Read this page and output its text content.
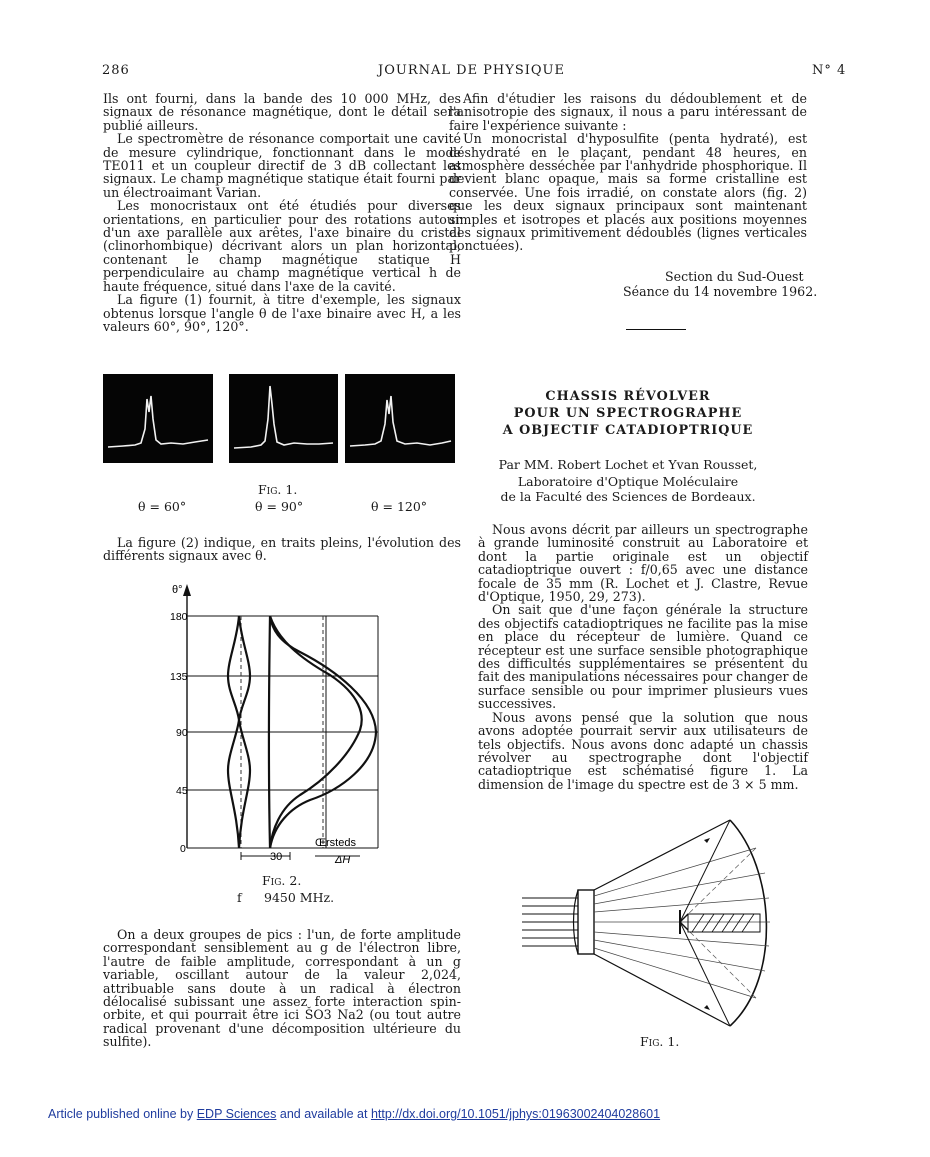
286	JOURNAL DE PHYSIQUE	N° 4

Ils ont fourni, dans la bande des 10 000 MHz, des signaux de résonance magnétique, dont le détail sera publié ailleurs.

Le spectromètre de résonance comportait une cavité de mesure cylindrique, fonctionnant dans le mode TE011 et un coupleur directif de 3 dB collectant les signaux. Le champ magnétique statique était fourni par un électroaimant Varian.

Les monocristaux ont été étudiés pour diverses orientations, en particulier pour des rotations autour d'un axe parallèle aux arêtes, l'axe binaire du cristal (clinorhombique) décrivant alors un plan horizontal, contenant le champ magnétique statique H perpendiculaire au champ magnétique vertical h de haute fréquence, situé dans l'axe de la cavité.

La figure (1) fournit, à titre d'exemple, les signaux obtenus lorsque l'angle θ de l'axe binaire avec H, a les valeurs 60°, 90°, 120°.

Fig. 1.
θ = 60°	θ = 90°	θ = 120°

La figure (2) indique, en traits pleins, l'évolution des différents signaux avec θ.

θ°
180
135
90
45
0
30
Œrsteds
ΔH
Fig. 2.
f 9450 MHz.

On a deux groupes de pics : l'un, de forte amplitude correspondant sensiblement au g de l'électron libre, l'autre de faible amplitude, correspondant à un g variable, oscillant autour de la valeur 2,024, attribuable sans doute à un radical à électron délocalisé subissant une assez forte interaction spin-orbite, et qui pourrait être ici ŠO3 Na2 (ou tout autre radical provenant d'une décomposition ultérieure du sulfite).

Afin d'étudier les raisons du dédoublement et de l'anisotropie des signaux, il nous a paru intéressant de faire l'expérience suivante :

Un monocristal d'hyposulfite (penta hydraté), est déshydraté en le plaçant, pendant 48 heures, en atmosphère desséchée par l'anhydride phosphorique. Il devient blanc opaque, mais sa forme cristalline est conservée. Une fois irradié, on constate alors (fig. 2) que les deux signaux principaux sont maintenant simples et isotropes et placés aux positions moyennes des signaux primitivement dédoublés (lignes verticales ponctuées).

Section du Sud-Ouest
Séance du 14 novembre 1962.
CHASSIS RÉVOLVER
POUR UN SPECTROGRAPHE
A OBJECTIF CATADIOPTRIQUE
Par MM. Robert Lochet et Yvan Rousset,
Laboratoire d'Optique Moléculaire
de la Faculté des Sciences de Bordeaux.

Nous avons décrit par ailleurs un spectrographe à grande luminosité construit au Laboratoire et dont la partie originale est un objectif catadioptrique ouvert : f/0,65 avec une distance focale de 35 mm (R. Lochet et J. Clastre, Revue d'Optique, 1950, 29, 273).

On sait que d'une façon générale la structure des objectifs catadioptriques ne facilite pas la mise en place du récepteur de lumière. Quand ce récepteur est une surface sensible photographique des difficultés supplémentaires se présentent du fait des manipulations nécessaires pour changer de surface sensible ou pour imprimer plusieurs vues successives.

Nous avons pensé que la solution que nous avons adoptée pourrait servir aux utilisateurs de tels objectifs. Nous avons donc adapté un chassis révolver au spectrographe dont l'objectif catadioptrique est schématisé figure 1. La dimension de l'image du spectre est de 3 × 5 mm.

Fig. 1.
Article published online by EDP Sciences and available at http://dx.doi.org/10.1051/jphys:01963002404028601
